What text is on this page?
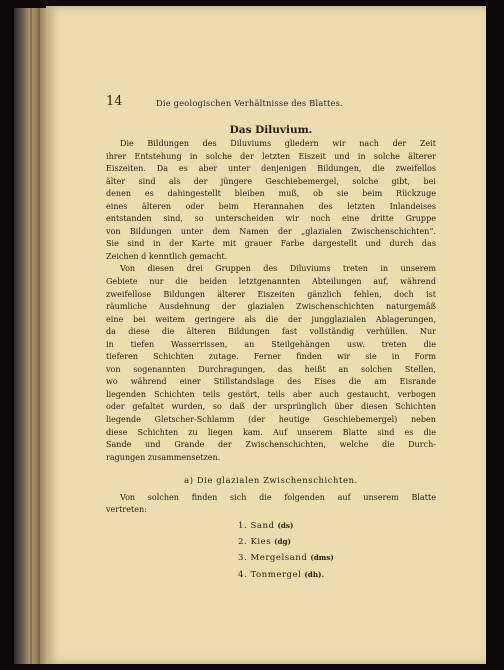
14	Die geologischen Verhältnisse des Blattes.
Das Diluvium.
Die Bildungen des Diluviums gliedern wir nach der Zeit
ihrer Entstehung in solche der letzten Eiszeit und in solche älterer
Eiszeiten. Da es aber unter denjenigen Bildungen, die zweifellos
älter sind als der jüngere Geschiebemergel, solche gibt, bei
denen es dahingestellt bleiben muß, ob sie beim Rückzuge
eines älteren oder beim Herannahen des letzten Inlandeises
entstanden sind, so unterscheiden wir noch eine dritte Gruppe
von Bildungen unter dem Namen der „glazialen Zwischenschichten“.
Sie sind in der Karte mit grauer Farbe dargestellt und durch das
Zeichen d kenntlich gemacht.
Von diesen drei Gruppen des Diluviums treten in unserem
Gebiete nur die beiden letztgenannten Abteilungen auf, während
zweifellose Bildungen älterer Eiszeiten gänzlich fehlen, doch ist
räumliche Ausdehnung der glazialen Zwischenschichten naturgemäß
eine bei weitem geringere als die der jungglazialen Ablagerungen,
da diese die älteren Bildungen fast vollständig verhüllen. Nur
in tiefen Wasserrissen, an Steilgehängen usw. treten die
tieferen Schichten zutage. Ferner finden wir sie in Form
von sogenannten Durchragungen, das heißt an solchen Stellen,
wo während einer Stillstandslage des Eises die am Eisrande
liegenden Schichten teils gestört, teils aber auch gestaucht, verbogen
oder gefaltet wurden, so daß der ursprünglich über diesen Schichten
liegende Gletscher-Schlamm (der heutige Geschiebemergel) neben
diese Schichten zu liegen kam. Auf unserem Blatte sind es die
Sande und Grande der Zwischenschichten, welche die Durch-
ragungen zusammensetzen.
a) Die glazialen Zwischenschichten.
Von solchen finden sich die folgenden auf unserem Blatte
vertreten:
1. Sand (ds)
2. Kies (dg)
3. Mergelsand (dms)
4. Tonmergel (dh).
